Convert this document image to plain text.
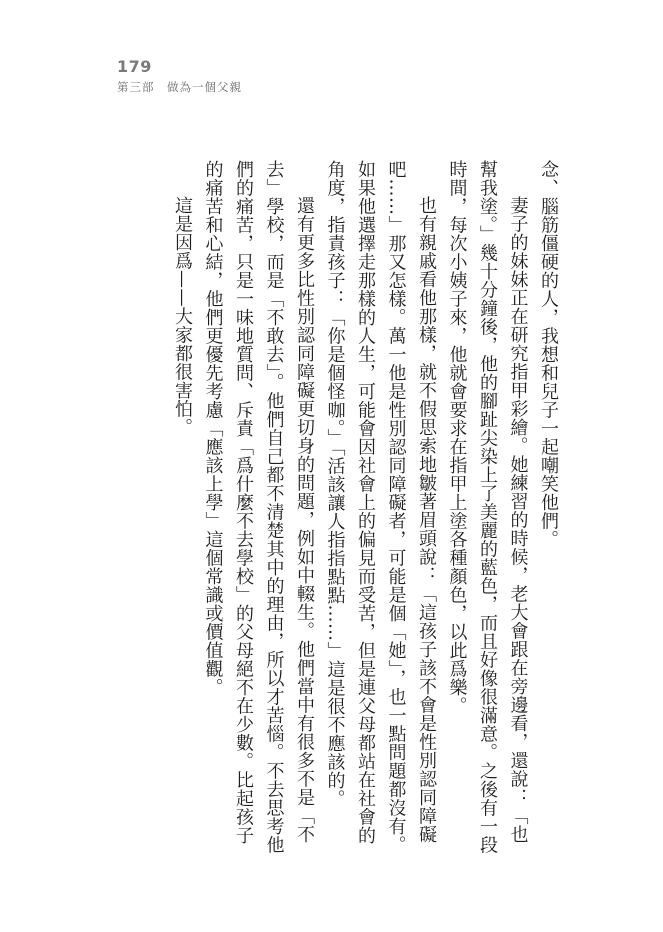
179
第三部　做為一個父親

念、腦筋僵硬的人，我想和兒子一起嘲笑他們。

妻子的妹妹正在研究指甲彩繪。她練習的時候，老大會跟在旁邊看，還說：「也幫我塗。」幾十分鐘後，他的腳趾尖染上了美麗的藍色，而且好像很滿意。之後有一段時間，每次小姨子來，他就會要求在指甲上塗各種顏色，以此爲樂。

也有親戚看他那樣，就不假思索地皺著眉頭說：「這孩子該不會是性別認同障礙吧……」那又怎樣。萬一他是性別認同障礙者，可能是個「她」，也一點問題都沒有。如果他選擇走那樣的人生，可能會因社會上的偏見而受苦，但是連父母都站在社會的角度，指責孩子：「你是個怪咖。」「活該讓人指指點點……」這是很不應該的。

還有更多比性別認同障礙更切身的問題，例如中輟生。他們當中有很多不是「不去」學校，而是「不敢去」。他們自己都不清楚其中的理由，所以才苦惱。不去思考他們的痛苦，只是一味地質問、斥責「爲什麼不去學校」的父母絕不在少數。比起孩子的痛苦和心結，他們更優先考慮「應該上學」這個常識或價值觀。

這是因爲——大家都很害怕。
